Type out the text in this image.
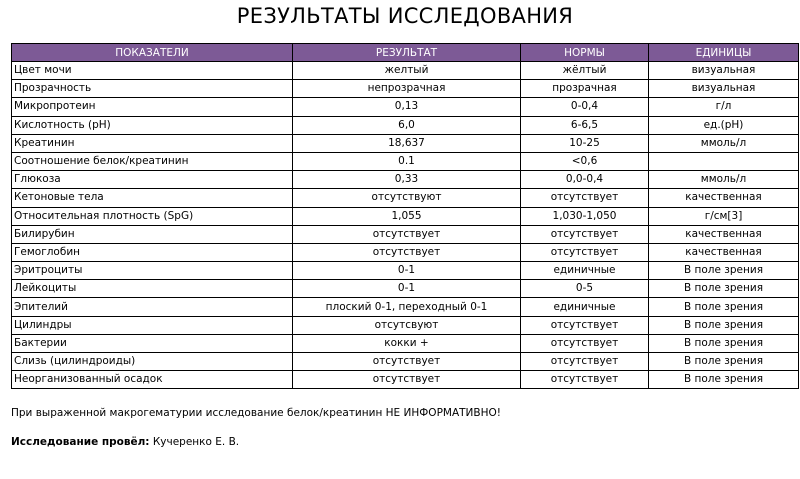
РЕЗУЛЬТАТЫ ИССЛЕДОВАНИЯ
ПОКАЗАТЕЛИ	РЕЗУЛЬТАТ	НОРМЫ	ЕДИНИЦЫ
Цвет мочи	желтый	жёлтый	визуальная
Прозрачность	непрозрачная	прозрачная	визуальная
Микропротеин	0,13	0-0,4	г/л
Кислотность (pH)	6,0	6-6,5	ед.(pH)
Креатинин	18,637	10-25	ммоль/л
Соотношение белок/креатинин	0.1	<0,6	
Глюкоза	0,33	0,0-0,4	ммоль/л
Кетоновые тела	отсутствуют	отсутствует	качественная
Относительная плотность (SpG)	1,055	1,030-1,050	г/см[3]
Билирубин	отсутствует	отсутствует	качественная
Гемоглобин	отсутствует	отсутствует	качественная
Эритроциты	0-1	единичные	В поле зрения
Лейкоциты	0-1	0-5	В поле зрения
Эпителий	плоский 0-1, переходный 0-1	единичные	В поле зрения
Цилиндры	отсутсвуют	отсутствует	В поле зрения
Бактерии	кокки +	отсутствует	В поле зрения
Слизь (цилиндроиды)	отсутствует	отсутствует	В поле зрения
Неорганизованный осадок	отсутствует	отсутствует	В поле зрения
При выраженной макрогематурии исследование белок/креатинин НЕ ИНФОРМАТИВНО!
Исследование провёл: Кучеренко Е. В.
